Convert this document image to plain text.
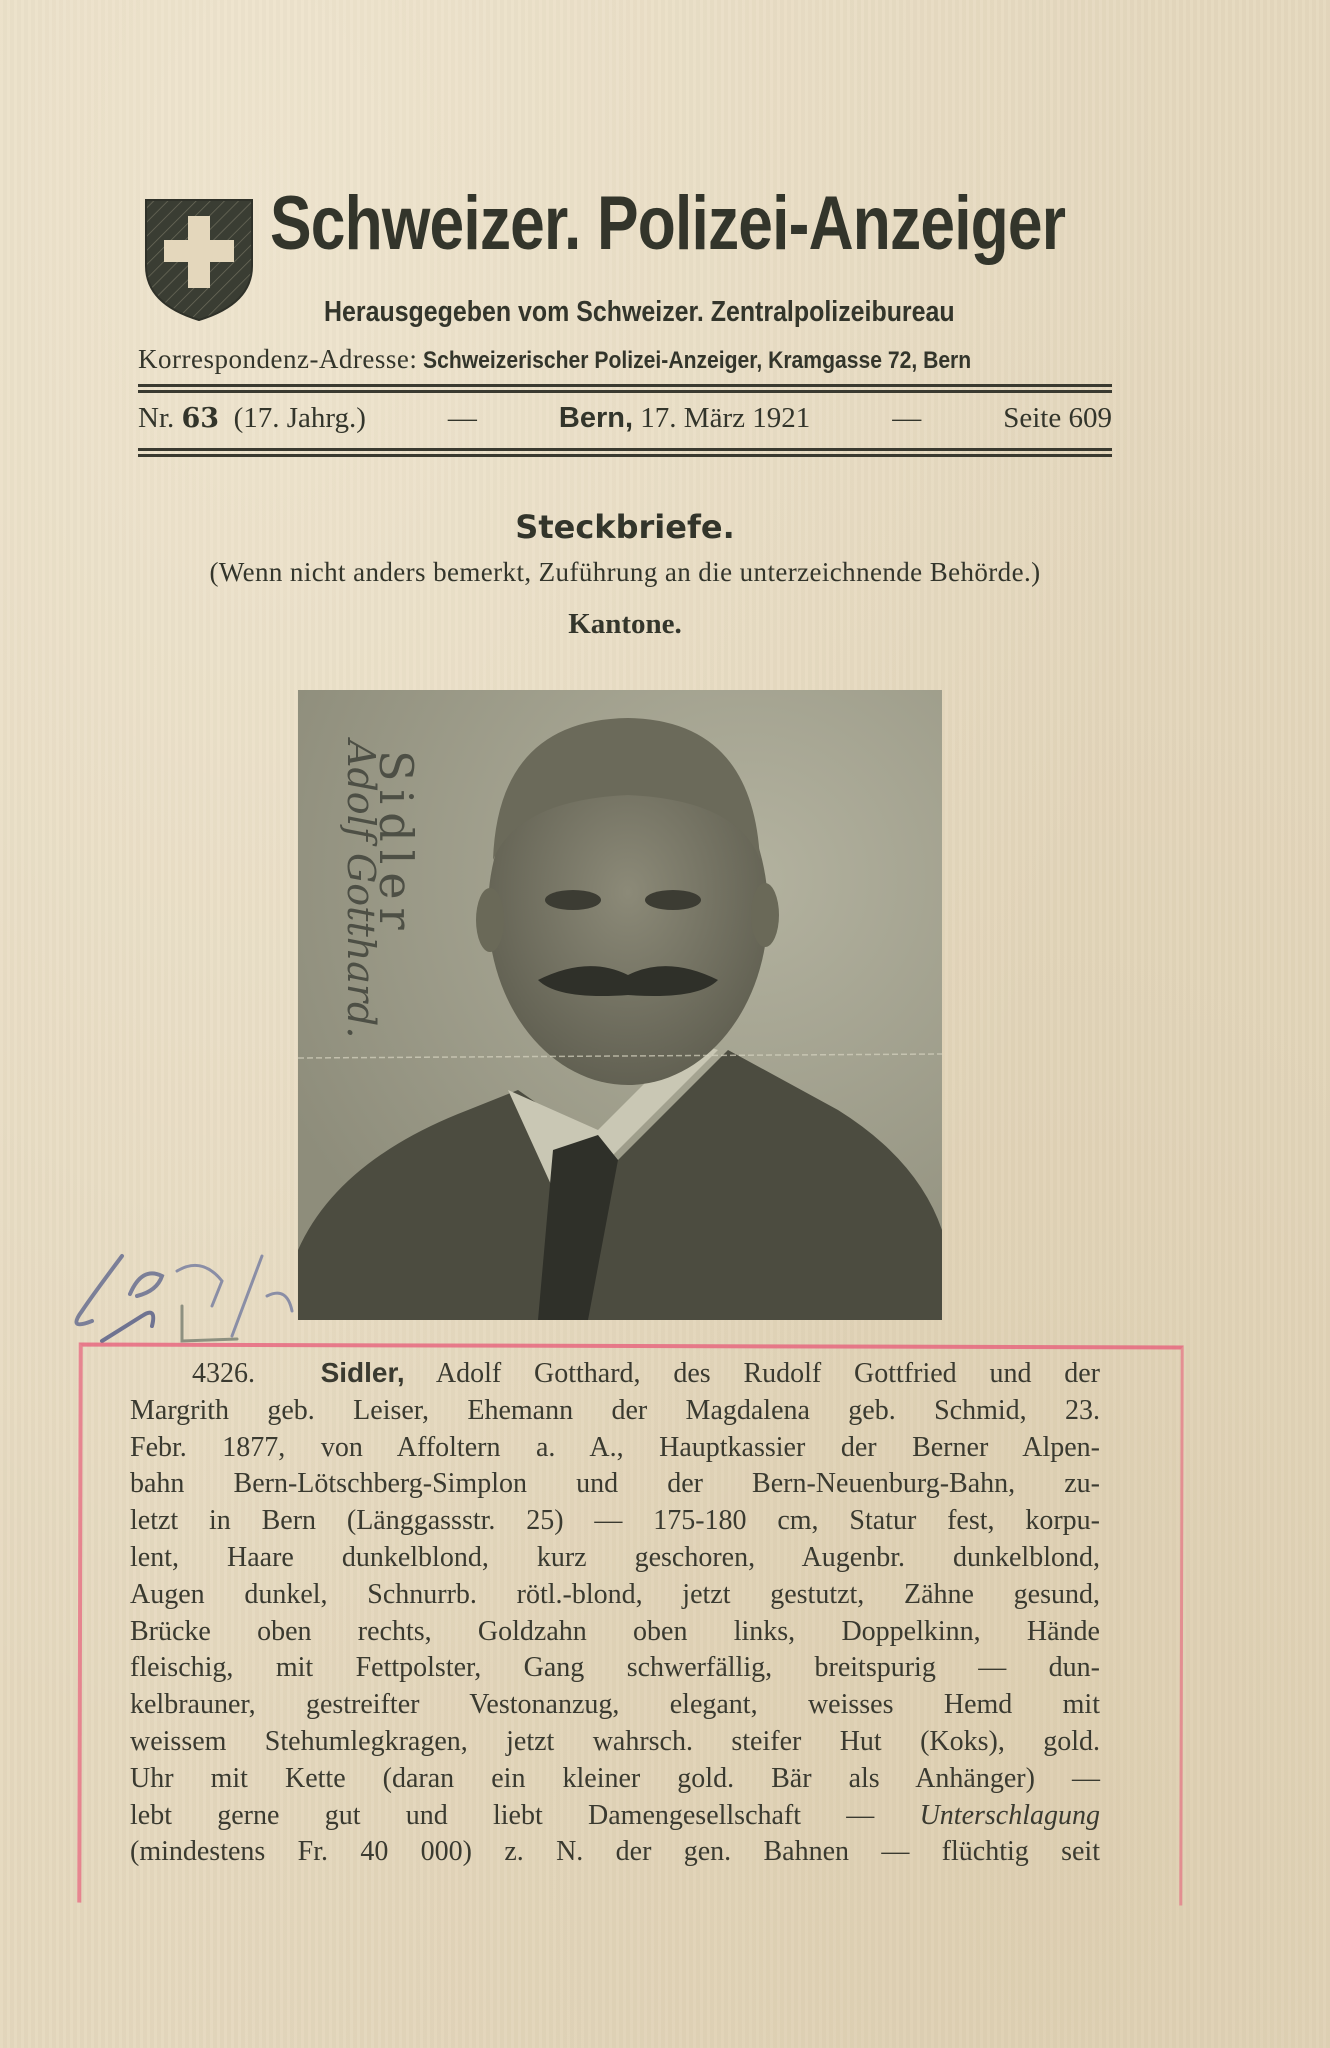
Schweizer. Polizei-Anzeiger
Herausgegeben vom Schweizer. Zentralpolizeibureau
Korrespondenz-Adresse: Schweizerischer Polizei-Anzeiger, Kramgasse 72, Bern
Nr. 63 (17. Jahrg.)	—	Bern, 17. März 1921	—	Seite 609
Steckbriefe.
(Wenn nicht anders bemerkt, Zuführung an die unterzeichnende Behörde.)
Kantone.
Sidler
Adolf Gotthard.
4326. Sidler, Adolf Gotthard, des Rudolf Gottfried und der
Margrith geb. Leiser, Ehemann der Magdalena geb. Schmid, 23.
Febr. 1877, von Affoltern a. A., Hauptkassier der Berner Alpen-
bahn Bern-Lötschberg-Simplon und der Bern-Neuenburg-Bahn, zu-
letzt in Bern (Länggassstr. 25) — 175-180 cm, Statur fest, korpu-
lent, Haare dunkelblond, kurz geschoren, Augenbr. dunkelblond,
Augen dunkel, Schnurrb. rötl.-blond, jetzt gestutzt, Zähne gesund,
Brücke oben rechts, Goldzahn oben links, Doppelkinn, Hände
fleischig, mit Fettpolster, Gang schwerfällig, breitspurig — dun-
kelbrauner, gestreifter Vestonanzug, elegant, weisses Hemd mit
weissem Stehumlegkragen, jetzt wahrsch. steifer Hut (Koks), gold.
Uhr mit Kette (daran ein kleiner gold. Bär als Anhänger) —
lebt gerne gut und liebt Damengesellschaft — Unterschlagung
(mindestens Fr. 40 000) z. N. der gen. Bahnen — flüchtig seit
